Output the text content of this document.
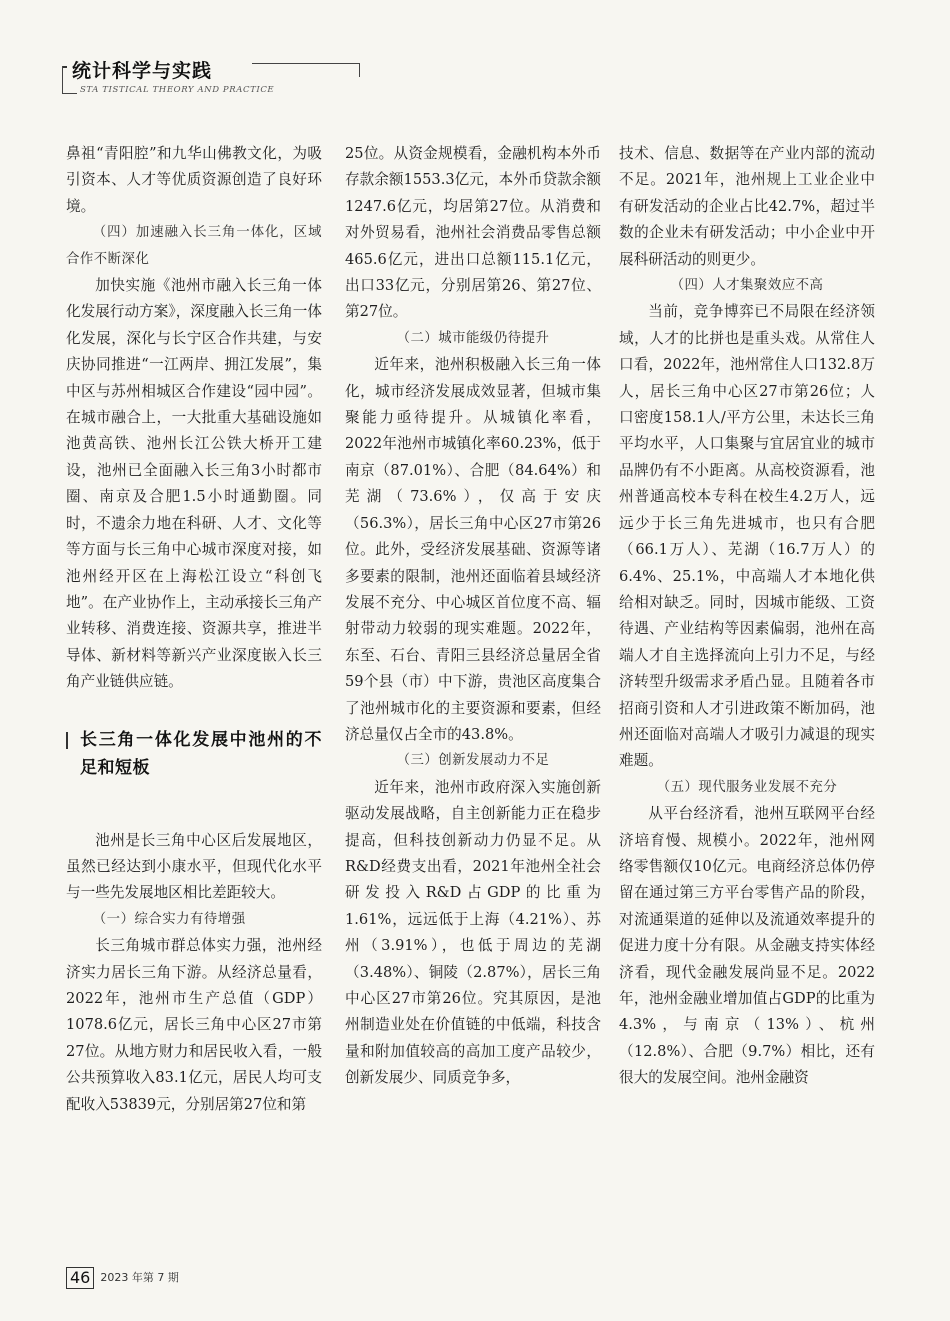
统计科学与实践

STA TISTICAL THEORY AND PRACTICE

鼻祖“青阳腔”和九华山佛教文化，为吸引资本、人才等优质资源创造了良好环境。

（四）加速融入长三角一体化，区域合作不断深化

加快实施《池州市融入长三角一体化发展行动方案》，深度融入长三角一体化发展，深化与长宁区合作共建，与安庆协同推进“一江两岸、拥江发展”，集中区与苏州相城区合作建设“园中园”。在城市融合上，一大批重大基础设施如池黄高铁、池州长江公铁大桥开工建设，池州已全面融入长三角3小时都市圈、南京及合肥1.5小时通勤圈。同时，不遗余力地在科研、人才、文化等等方面与长三角中心城市深度对接，如池州经开区在上海松江设立“科创飞地”。在产业协作上，主动承接长三角产业转移、消费连接、资源共享，推进半导体、新材料等新兴产业深度嵌入长三角产业链供应链。

长三角一体化发展中池州的不足和短板

池州是长三角中心区后发展地区，虽然已经达到小康水平，但现代化水平与一些先发展地区相比差距较大。

（一）综合实力有待增强

长三角城市群总体实力强，池州经济实力居长三角下游。从经济总量看，2022年，池州市生产总值（GDP）1078.6亿元，居长三角中心区27市第27位。从地方财力和居民收入看，一般公共预算收入83.1亿元，居民人均可支配收入53839元，分别居第27位和第

25位。从资金规模看，金融机构本外币存款余额1553.3亿元，本外币贷款余额1247.6亿元，均居第27位。从消费和对外贸易看，池州社会消费品零售总额465.6亿元，进出口总额115.1亿元，出口33亿元，分别居第26、第27位、第27位。

（二）城市能级仍待提升

近年来，池州积极融入长三角一体化，城市经济发展成效显著，但城市集聚能力亟待提升。从城镇化率看，2022年池州市城镇化率60.23%，低于南京（87.01%）、合肥（84.64%）和芜湖（73.6%），仅高于安庆（56.3%），居长三角中心区27市第26位。此外，受经济发展基础、资源等诸多要素的限制，池州还面临着县域经济发展不充分、中心城区首位度不高、辐射带动力较弱的现实难题。2022年，东至、石台、青阳三县经济总量居全省59个县（市）中下游，贵池区高度集合了池州城市化的主要资源和要素，但经济总量仅占全市的43.8%。

（三）创新发展动力不足

近年来，池州市政府深入实施创新驱动发展战略，自主创新能力正在稳步提高，但科技创新动力仍显不足。从R&D经费支出看，2021年池州全社会研发投入R&D占GDP的比重为1.61%，远远低于上海（4.21%）、苏州（3.91%），也低于周边的芜湖（3.48%）、铜陵（2.87%），居长三角中心区27市第26位。究其原因，是池州制造业处在价值链的中低端，科技含量和附加值较高的高加工度产品较少，创新发展少、同质竞争多，

技术、信息、数据等在产业内部的流动不足。2021年，池州规上工业企业中有研发活动的企业占比42.7%，超过半数的企业未有研发活动；中小企业中开展科研活动的则更少。

（四）人才集聚效应不高

当前，竞争博弈已不局限在经济领域，人才的比拼也是重头戏。从常住人口看，2022年，池州常住人口132.8万人，居长三角中心区27市第26位；人口密度158.1人/平方公里，未达长三角平均水平，人口集聚与宜居宜业的城市品牌仍有不小距离。从高校资源看，池州普通高校本专科在校生4.2万人，远远少于长三角先进城市，也只有合肥（66.1万人）、芜湖（16.7万人）的6.4%、25.1%，中高端人才本地化供给相对缺乏。同时，因城市能级、工资待遇、产业结构等因素偏弱，池州在高端人才自主选择流向上引力不足，与经济转型升级需求矛盾凸显。且随着各市招商引资和人才引进政策不断加码，池州还面临对高端人才吸引力减退的现实难题。

（五）现代服务业发展不充分

从平台经济看，池州互联网平台经济培育慢、规模小。2022年，池州网络零售额仅10亿元。电商经济总体仍停留在通过第三方平台零售产品的阶段，对流通渠道的延伸以及流通效率提升的促进力度十分有限。从金融支持实体经济看，现代金融发展尚显不足。2022年，池州金融业增加值占GDP的比重为4.3%，与南京（13%）、杭州（12.8%）、合肥（9.7%）相比，还有很大的发展空间。池州金融资

46 2023 年第 7 期
